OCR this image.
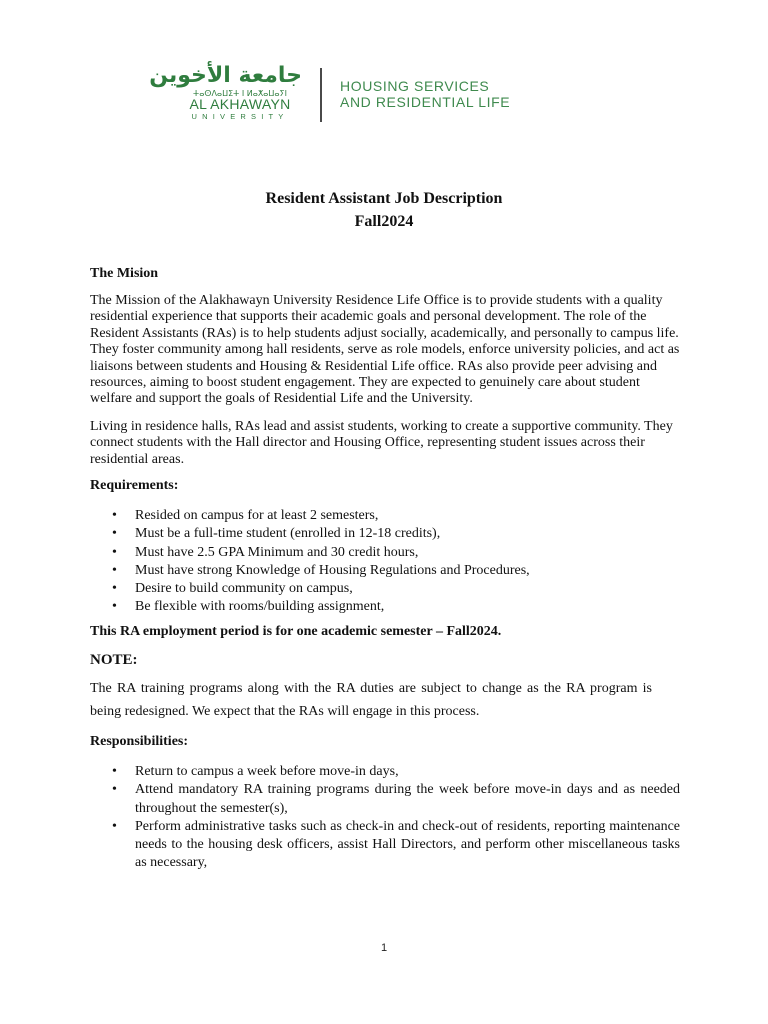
جامعة الأخوين
ⵜⴰⵙⴷⴰⵡⵉⵜ ⵏ ⵍⴰⵅⴰⵡⴰⵢⵏ
AL AKHAWAYN
UNIVERSITY
HOUSING SERVICES
AND RESIDENTIAL LIFE
Resident Assistant Job Description
Fall2024
The Mision
The Mission of the Alakhawayn University Residence Life Office is to provide students with a quality residential experience that supports their academic goals and personal development. The role of the Resident Assistants (RAs) is to help students adjust socially, academically, and personally to campus life. They foster community among hall residents, serve as role models, enforce university policies, and act as liaisons between students and Housing & Residential Life office. RAs also provide peer advising and resources, aiming to boost student engagement. They are expected to genuinely care about student welfare and support the goals of Residential Life and the University.
Living in residence halls, RAs lead and assist students, working to create a supportive community. They connect students with the Hall director and Housing Office, representing student issues across their residential areas.
Requirements:
• Resided on campus for at least 2 semesters,
• Must be a full-time student (enrolled in 12-18 credits),
• Must have 2.5 GPA Minimum and 30 credit hours,
• Must have strong Knowledge of Housing Regulations and Procedures,
• Desire to build community on campus,
• Be flexible with rooms/building assignment,
This RA employment period is for one academic semester – Fall2024.
NOTE:
The RA training programs along with the RA duties are subject to change as the RA program is being redesigned. We expect that the RAs will engage in this process.
Responsibilities:
• Return to campus a week before move-in days,
• Attend mandatory RA training programs during the week before move-in days and as needed throughout the semester(s),
• Perform administrative tasks such as check-in and check-out of residents, reporting maintenance needs to the housing desk officers, assist Hall Directors, and perform other miscellaneous tasks as necessary,
1
